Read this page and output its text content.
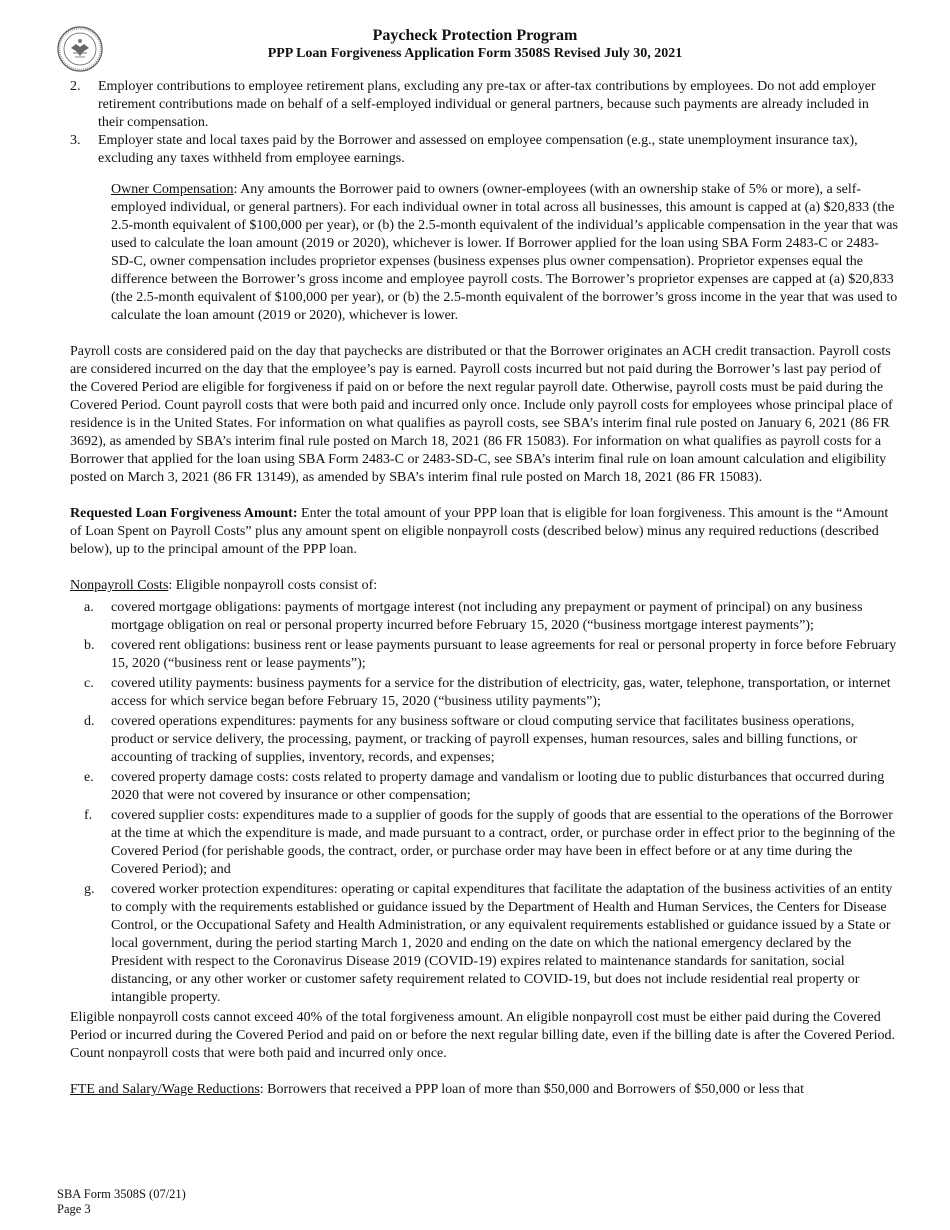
Paycheck Protection Program
PPP Loan Forgiveness Application Form 3508S Revised July 30, 2021
2. Employer contributions to employee retirement plans, excluding any pre-tax or after-tax contributions by employees. Do not add employer retirement contributions made on behalf of a self-employed individual or general partners, because such payments are already included in their compensation.
3. Employer state and local taxes paid by the Borrower and assessed on employee compensation (e.g., state unemployment insurance tax), excluding any taxes withheld from employee earnings.

Owner Compensation: Any amounts the Borrower paid to owners (owner-employees (with an ownership stake of 5% or more), a self-employed individual, or general partners). For each individual owner in total across all businesses, this amount is capped at (a) $20,833 (the 2.5-month equivalent of $100,000 per year), or (b) the 2.5-month equivalent of the individual’s applicable compensation in the year that was used to calculate the loan amount (2019 or 2020), whichever is lower. If Borrower applied for the loan using SBA Form 2483-C or 2483-SD-C, owner compensation includes proprietor expenses (business expenses plus owner compensation). Proprietor expenses equal the difference between the Borrower’s gross income and employee payroll costs. The Borrower’s proprietor expenses are capped at (a) $20,833 (the 2.5-month equivalent of $100,000 per year), or (b) the 2.5-month equivalent of the borrower’s gross income in the year that was used to calculate the loan amount (2019 or 2020), whichever is lower.

Payroll costs are considered paid on the day that paychecks are distributed or that the Borrower originates an ACH credit transaction. Payroll costs are considered incurred on the day that the employee’s pay is earned. Payroll costs incurred but not paid during the Borrower’s last pay period of the Covered Period are eligible for forgiveness if paid on or before the next regular payroll date. Otherwise, payroll costs must be paid during the Covered Period. Count payroll costs that were both paid and incurred only once. Include only payroll costs for employees whose principal place of residence is in the United States. For information on what qualifies as payroll costs, see SBA’s interim final rule posted on January 6, 2021 (86 FR 3692), as amended by SBA’s interim final rule posted on March 18, 2021 (86 FR 15083). For information on what qualifies as payroll costs for a Borrower that applied for the loan using SBA Form 2483-C or 2483-SD-C, see SBA’s interim final rule on loan amount calculation and eligibility posted on March 3, 2021 (86 FR 13149), as amended by SBA’s interim final rule posted on March 18, 2021 (86 FR 15083).

Requested Loan Forgiveness Amount: Enter the total amount of your PPP loan that is eligible for loan forgiveness. This amount is the “Amount of Loan Spent on Payroll Costs” plus any amount spent on eligible nonpayroll costs (described below) minus any required reductions (described below), up to the principal amount of the PPP loan.

Nonpayroll Costs: Eligible nonpayroll costs consist of:

a. covered mortgage obligations: payments of mortgage interest (not including any prepayment or payment of principal) on any business mortgage obligation on real or personal property incurred before February 15, 2020 (“business mortgage interest payments”);
b. covered rent obligations: business rent or lease payments pursuant to lease agreements for real or personal property in force before February 15, 2020 (“business rent or lease payments”);
c. covered utility payments: business payments for a service for the distribution of electricity, gas, water, telephone, transportation, or internet access for which service began before February 15, 2020 (“business utility payments”);
d. covered operations expenditures: payments for any business software or cloud computing service that facilitates business operations, product or service delivery, the processing, payment, or tracking of payroll expenses, human resources, sales and billing functions, or accounting of tracking of supplies, inventory, records, and expenses;
e. covered property damage costs: costs related to property damage and vandalism or looting due to public disturbances that occurred during 2020 that were not covered by insurance or other compensation;
f. covered supplier costs: expenditures made to a supplier of goods for the supply of goods that are essential to the operations of the Borrower at the time at which the expenditure is made, and made pursuant to a contract, order, or purchase order in effect prior to the beginning of the Covered Period (for perishable goods, the contract, order, or purchase order may have been in effect before or at any time during the Covered Period); and
g. covered worker protection expenditures: operating or capital expenditures that facilitate the adaptation of the business activities of an entity to comply with the requirements established or guidance issued by the Department of Health and Human Services, the Centers for Disease Control, or the Occupational Safety and Health Administration, or any equivalent requirements established or guidance issued by a State or local government, during the period starting March 1, 2020 and ending on the date on which the national emergency declared by the President with respect to the Coronavirus Disease 2019 (COVID-19) expires related to maintenance standards for sanitation, social distancing, or any other worker or customer safety requirement related to COVID-19, but does not include residential real property or intangible property.

Eligible nonpayroll costs cannot exceed 40% of the total forgiveness amount. An eligible nonpayroll cost must be either paid during the Covered Period or incurred during the Covered Period and paid on or before the next regular billing date, even if the billing date is after the Covered Period. Count nonpayroll costs that were both paid and incurred only once.

FTE and Salary/Wage Reductions: Borrowers that received a PPP loan of more than $50,000 and Borrowers of $50,000 or less that

SBA Form 3508S (07/21)
Page 3
